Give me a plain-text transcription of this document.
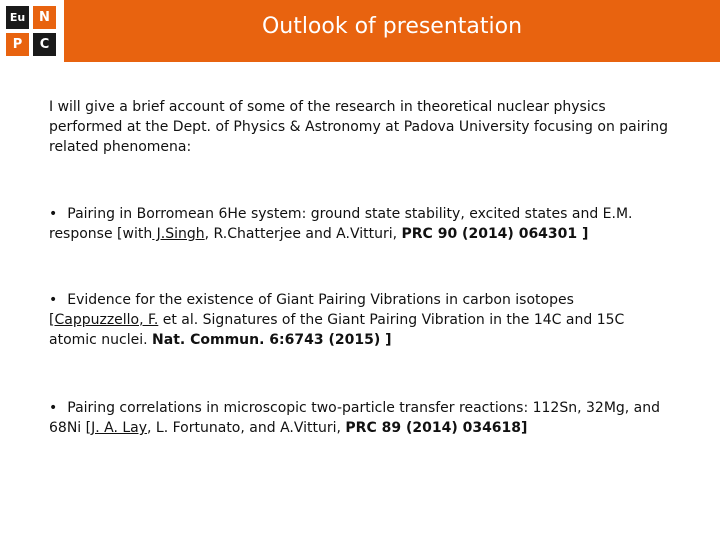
Eu	N
P	C
Outlook of presentation

I will give a brief account of some of the research in theoretical nuclear physics performed at the Dept. of Physics & Astronomy at Padova University focusing on pairing related phenomena:

• Pairing in Borromean 6He system: ground state stability, excited states and E.M. response [with J.Singh, R.Chatterjee and A.Vitturi, PRC 90 (2014) 064301 ]
• Evidence for the existence of Giant Pairing Vibrations in carbon isotopes [Cappuzzello, F. et al. Signatures of the Giant Pairing Vibration in the 14C and 15C atomic nuclei. Nat. Commun. 6:6743 (2015) ]
• Pairing correlations in microscopic two-particle transfer reactions: 112Sn, 32Mg, and 68Ni [J. A. Lay, L. Fortunato, and A.Vitturi, PRC 89 (2014) 034618]
